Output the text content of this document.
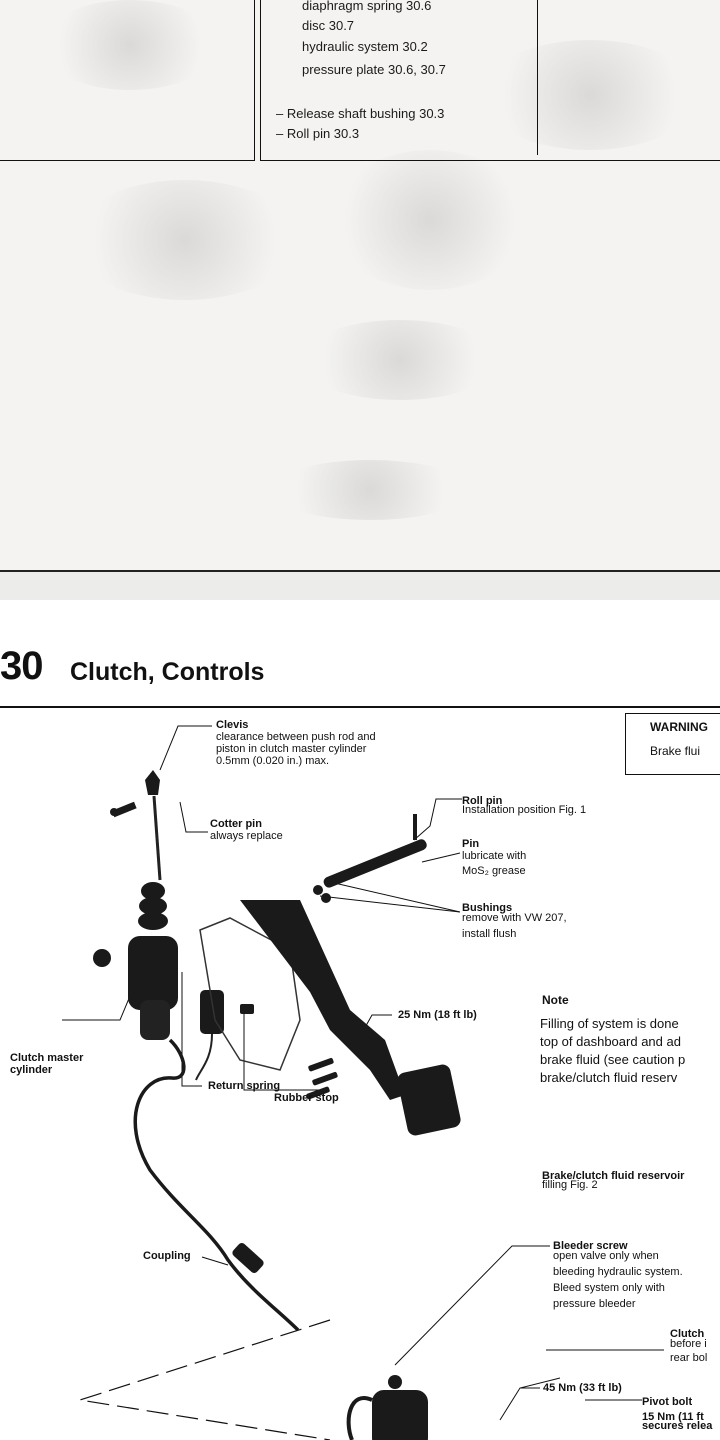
diaphragm spring 30.6
disc 30.7
hydraulic system 30.2
pressure plate 30.6, 30.7
– Release shaft bushing 30.3
– Roll pin 30.3
30 Clutch, Controls
Clevis
clearance between push rod and
piston in clutch master cylinder
0.5mm (0.020 in.) max.
Cotter pin
always replace
Roll pin
Installation position Fig. 1
Pin
lubricate with
MoS₂ grease
Bushings
remove with VW 207,
install flush
25 Nm (18 ft lb)
Rubber stop
Return spring
Clutch master
cylinder
Brake/clutch fluid reservoir
filling Fig. 2
Coupling
Bleeder screw
open valve only when
bleeding hydraulic system.
Bleed system only with
pressure bleeder
Clutch
before i
rear bol
45 Nm (33 ft lb)
Pivot bolt
15 Nm (11 ft
secures relea
WARNING
Brake flui
Note
Filling of system is done
top of dashboard and ad
brake fluid (see caution p
brake/clutch fluid reserv
